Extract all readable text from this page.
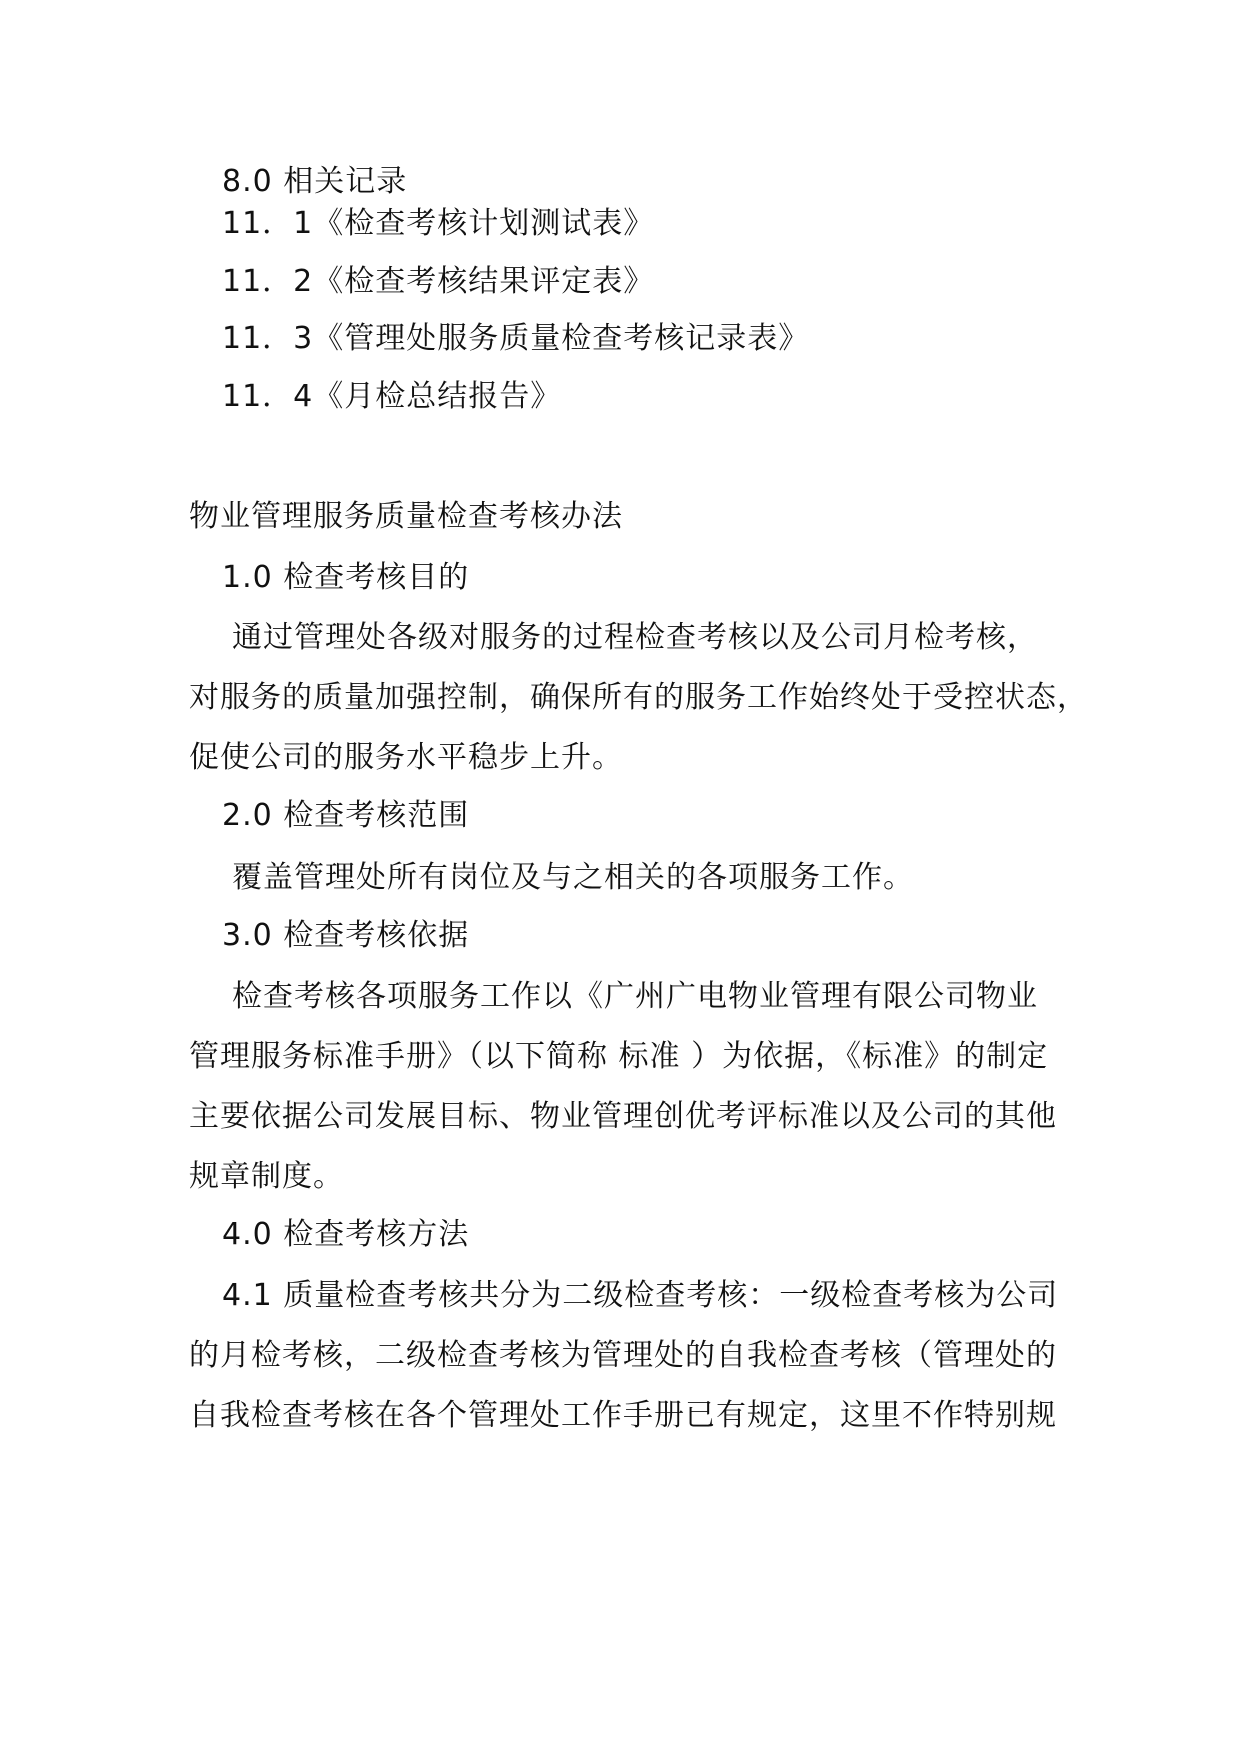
8.0 相关记录
11．1《检查考核计划测试表》
11．2《检查考核结果评定表》
11．3《管理处服务质量检查考核记录表》
11．4《月检总结报告》
物业管理服务质量检查考核办法
1.0 检查考核目的
通过管理处各级对服务的过程检查考核以及公司月检考核，
对服务的质量加强控制，确保所有的服务工作始终处于受控状态，
促使公司的服务水平稳步上升。
2.0 检查考核范围
覆盖管理处所有岗位及与之相关的各项服务工作。
3.0 检查考核依据
检查考核各项服务工作以《广州广电物业管理有限公司物业
管理服务标准手册》（以下简称 标准 ）为依据，《标准》的制定
主要依据公司发展目标、物业管理创优考评标准以及公司的其他
规章制度。
4.0 检查考核方法
4.1 质量检查考核共分为二级检查考核：一级检查考核为公司
的月检考核，二级检查考核为管理处的自我检查考核（管理处的
自我检查考核在各个管理处工作手册已有规定，这里不作特别规
